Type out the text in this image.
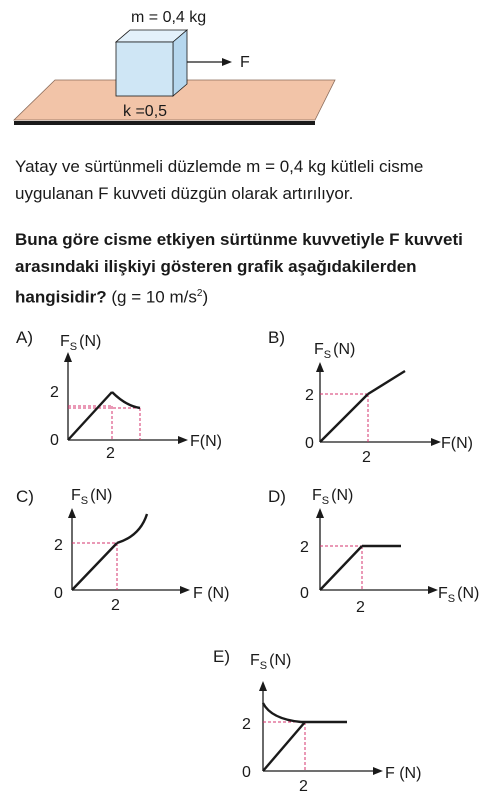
m = 0,4 kg
F
k =0,5

Yatay ve sürtünmeli düzlemde m = 0,4 kg kütleli cisme uygulanan F kuvveti düzgün olarak artırılıyor.

Buna göre cisme etkiyen sürtünme kuvvetiyle F kuvveti arasındaki ilişkiyi gösteren grafik aşağıdakilerden hangisidir? (g = 10 $m/s^2$)

A) $F_S$ (N)
2
0
2
F(N)
B)
$F_S$ (N)
2
0
2
F(N)
C) $F_S$ (N)
2
0
2
F (N)
D) $F_S$ (N)
2
0
2
$F_S$ (N)
E) $F_S$ (N)
2
0
2
F (N)
